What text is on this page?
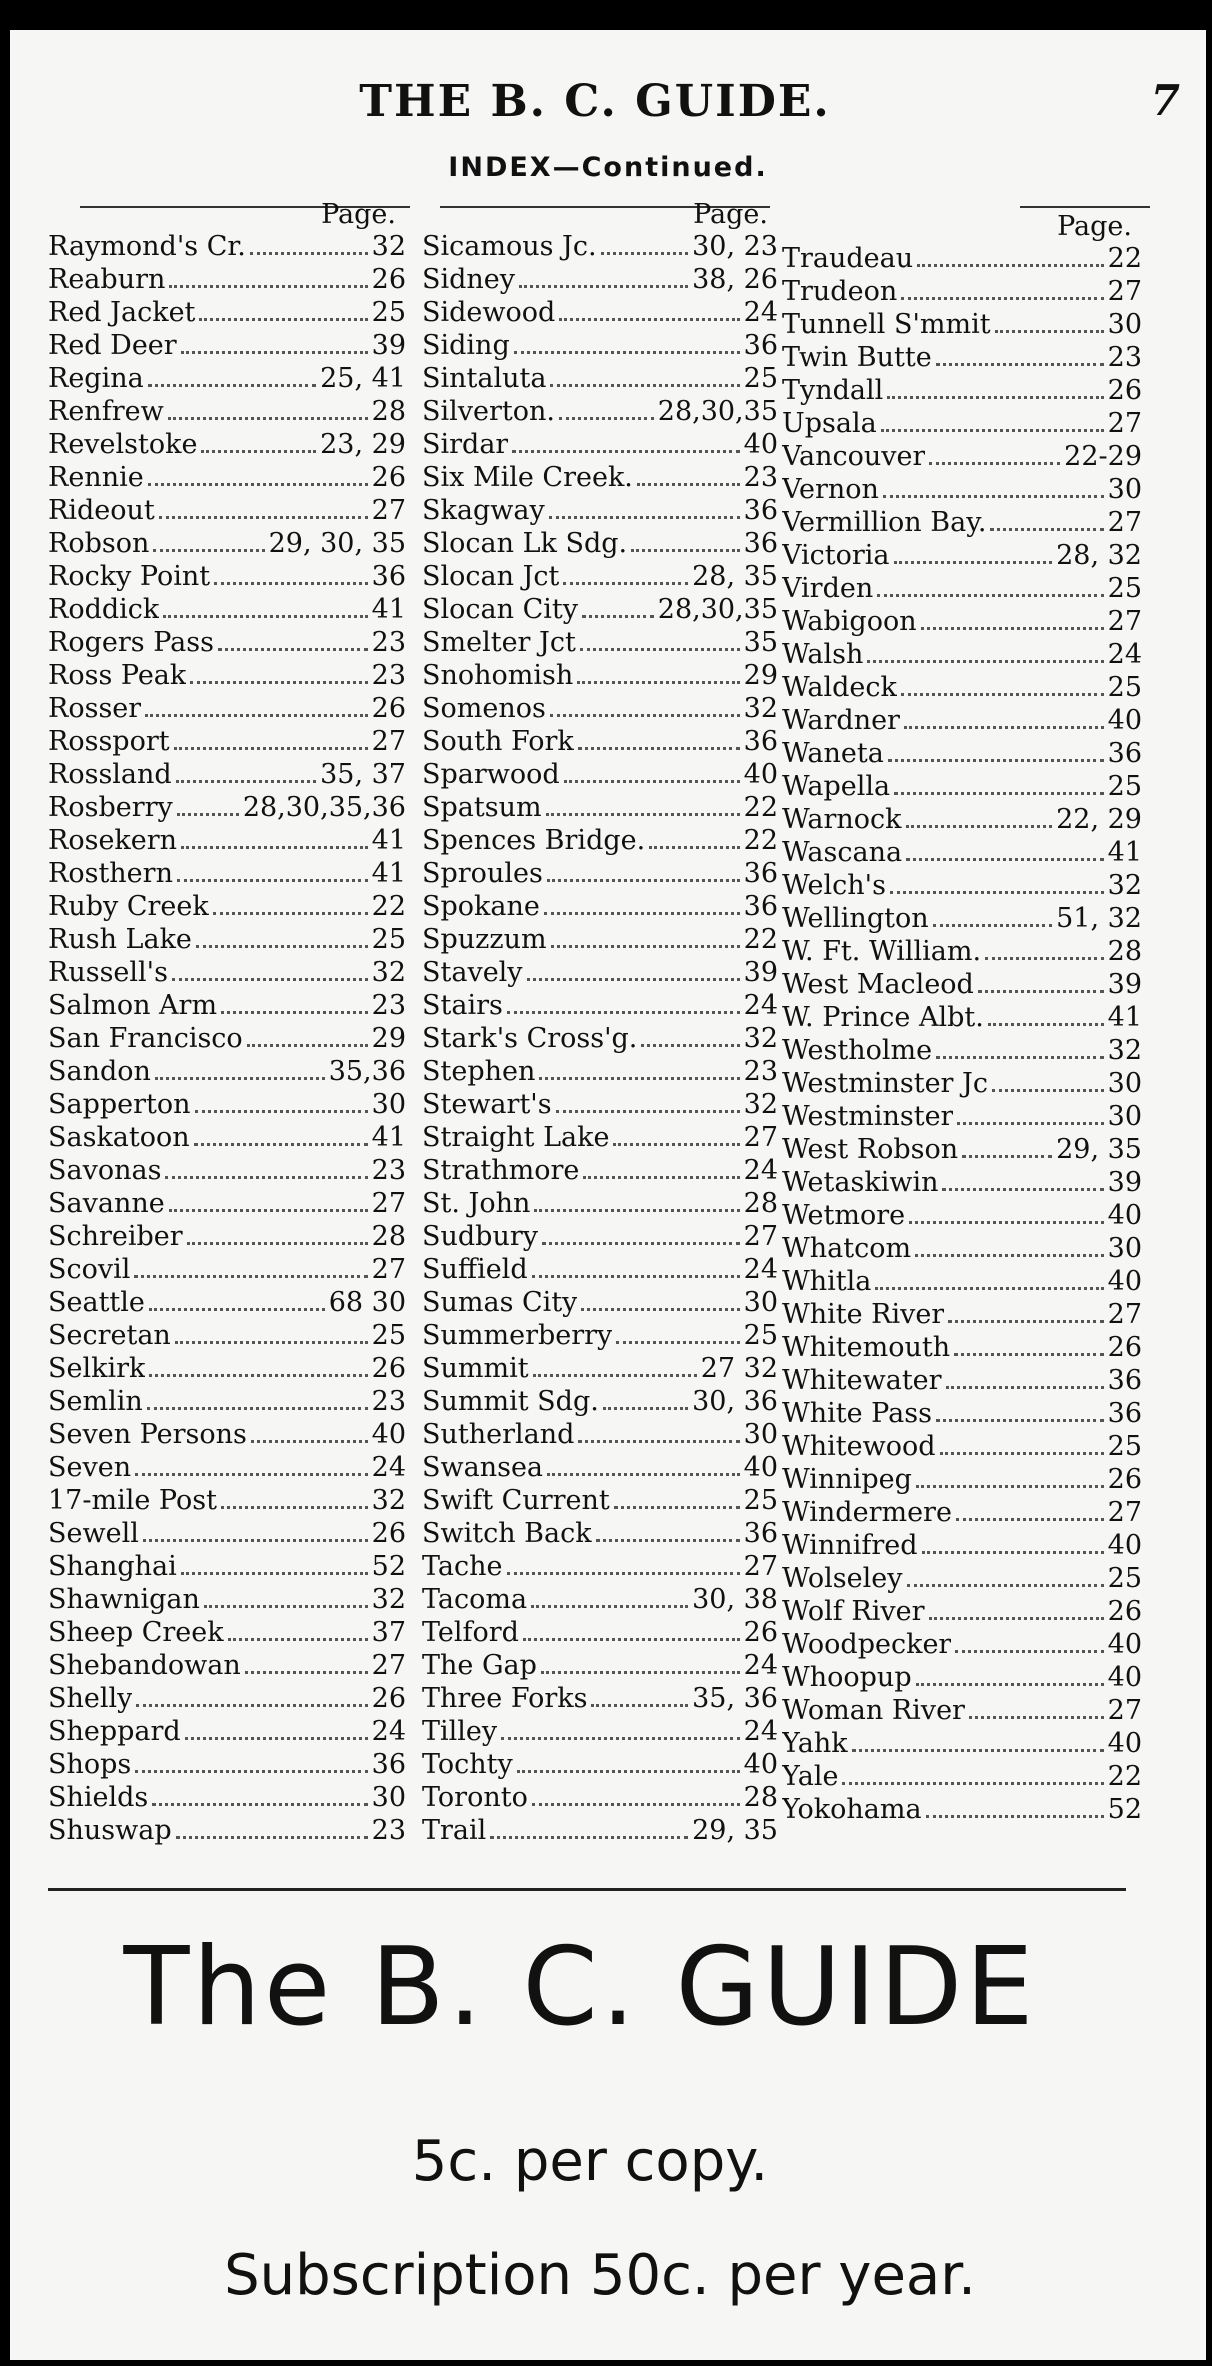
THE B. C. GUIDE.	7
INDEX—Continued.
Page.
Raymond's Cr.	32
Reaburn	26
Red Jacket	25
Red Deer	39
Regina	25, 41
Renfrew	28
Revelstoke	23, 29
Rennie	26
Rideout	27
Robson	29, 30, 35
Rocky Point	36
Roddick	41
Rogers Pass	23
Ross Peak	23
Rosser	26
Rossport	27
Rossland	35, 37
Rosberry	28,30,35,36
Rosekern	41
Rosthern	41
Ruby Creek	22
Rush Lake	25
Russell's	32
Salmon Arm	23
San Francisco	29
Sandon	35,36
Sapperton	30
Saskatoon	41
Savonas	23
Savanne	27
Schreiber	28
Scovil	27
Seattle	68 30
Secretan	25
Selkirk	26
Semlin	23
Seven Persons	40
Seven	24
17-mile Post	32
Sewell	26
Shanghai	52
Shawnigan	32
Sheep Creek	37
Shebandowan	27
Shelly	26
Sheppard	24
Shops	36
Shields	30
Shuswap	23
Page.
Sicamous Jc.	30, 23
Sidney	38, 26
Sidewood	24
Siding	36
Sintaluta	25
Silverton.	28,30,35
Sirdar	40
Six Mile Creek.	23
Skagway	36
Slocan Lk Sdg.	36
Slocan Jct	28, 35
Slocan City	28,30,35
Smelter Jct	35
Snohomish	29
Somenos	32
South Fork	36
Sparwood	40
Spatsum	22
Spences Bridge.	22
Sproules	36
Spokane	36
Spuzzum	22
Stavely	39
Stairs	24
Stark's Cross'g.	32
Stephen	23
Stewart's	32
Straight Lake	27
Strathmore	24
St. John	28
Sudbury	27
Suffield	24
Sumas City	30
Summerberry	25
Summit	27 32
Summit Sdg.	30, 36
Sutherland	30
Swansea	40
Swift Current	25
Switch Back	36
Tache	27
Tacoma	30, 38
Telford	26
The Gap	24
Three Forks	35, 36
Tilley	24
Tochty	40
Toronto	28
Trail	29, 35
Page.
Traudeau	22
Trudeon	27
Tunnell S'mmit	30
Twin Butte	23
Tyndall	26
Upsala	27
Vancouver	22-29
Vernon	30
Vermillion Bay.	27
Victoria	28, 32
Virden	25
Wabigoon	27
Walsh	24
Waldeck	25
Wardner	40
Waneta	36
Wapella	25
Warnock	22, 29
Wascana	41
Welch's	32
Wellington	51, 32
W. Ft. William.	28
West Macleod	39
W. Prince Albt.	41
Westholme	32
Westminster Jc	30
Westminster	30
West Robson	29, 35
Wetaskiwin	39
Wetmore	40
Whatcom	30
Whitla	40
White River	27
Whitemouth	26
Whitewater	36
White Pass	36
Whitewood	25
Winnipeg	26
Windermere	27
Winnifred	40
Wolseley	25
Wolf River	26
Woodpecker	40
Whoopup	40
Woman River	27
Yahk	40
Yale	22
Yokohama	52
The B. C. GUIDE
5c. per copy.
Subscription 50c. per year.
